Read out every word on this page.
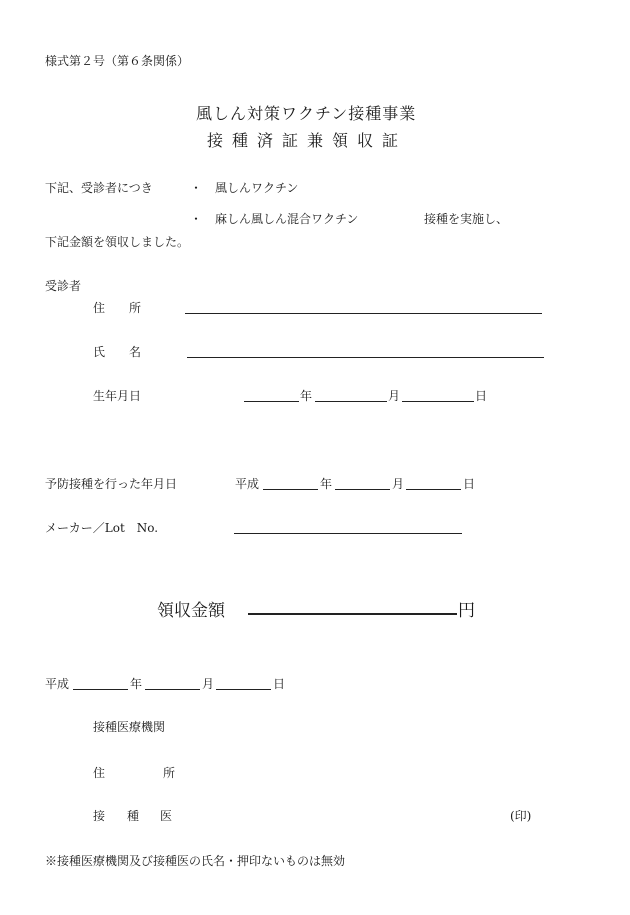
様式第２号（第６条関係）
風しん対策ワクチン接種事業
接種済証兼領収証
下記、受診者につき	・ 風しんワクチン
・ 麻しん風しん混合ワクチン	接種を実施し、
下記金額を領収しました。
受診者
住　　所
氏　　名
生年月日	年	月	日
予防接種を行った年月日	平成	年	月	日
メーカー／Lot　No.
領収金額	円
平成	年	月	日
接種医療機関
住	所
接 種 医	(印)
※接種医療機関及び接種医の氏名・押印ないものは無効
